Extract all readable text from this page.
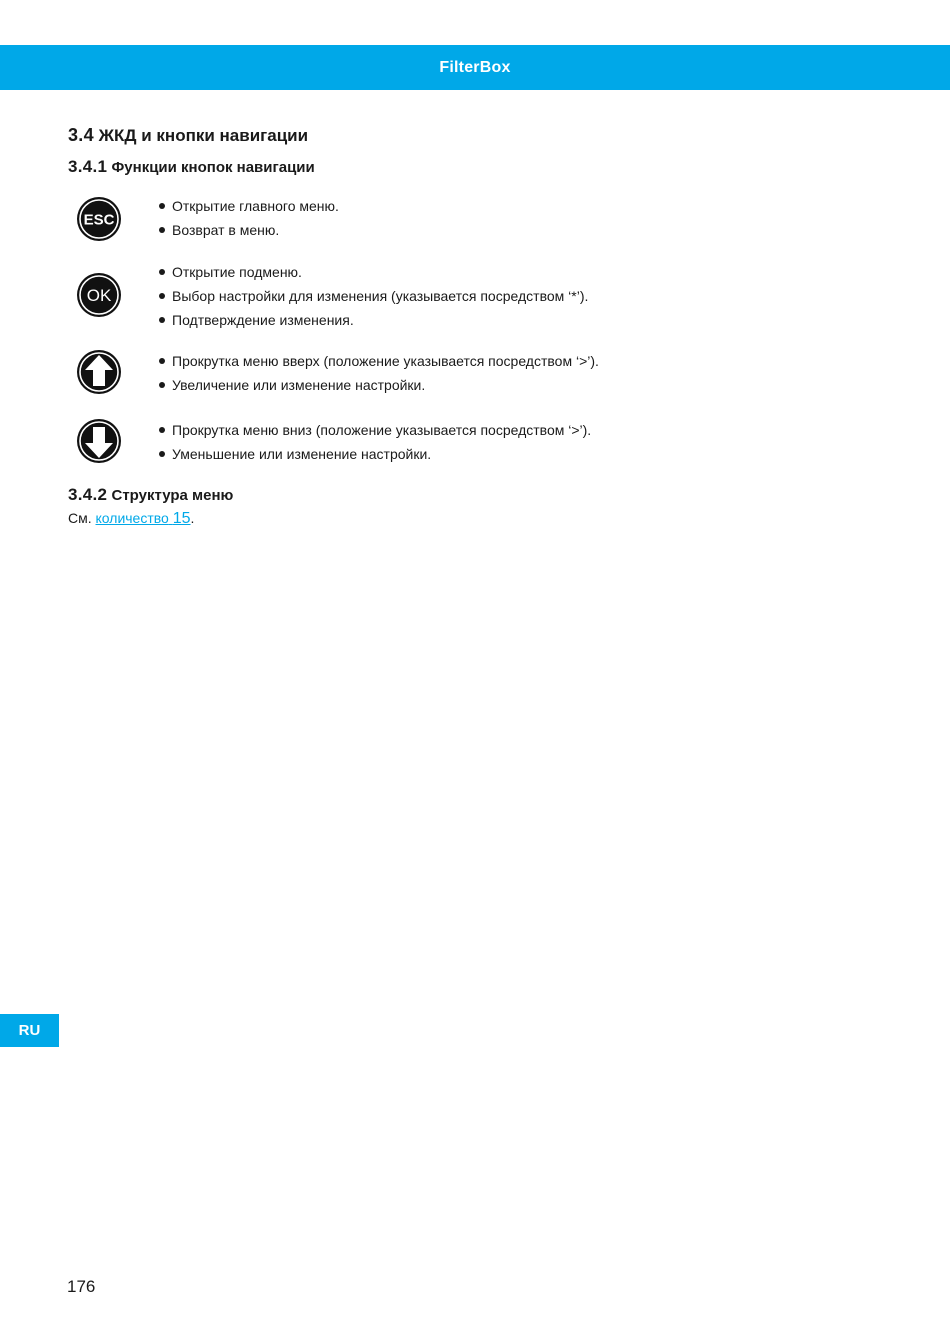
FilterBox
3.4 ЖКД и кнопки навигации
3.4.1 Функции кнопок навигации
ESC
Открытие главного меню.
Возврат в меню.
OK
Открытие подменю.
Выбор настройки для изменения (указывается посредством ‘*’).
Подтверждение изменения.
Прокрутка меню вверх (положение указывается посредством ‘>’).
Увеличение или изменение настройки.
Прокрутка меню вниз (положение указывается посредством ‘>’).
Уменьшение или изменение настройки.
3.4.2 Структура меню
См. количество 15.
RU
176
